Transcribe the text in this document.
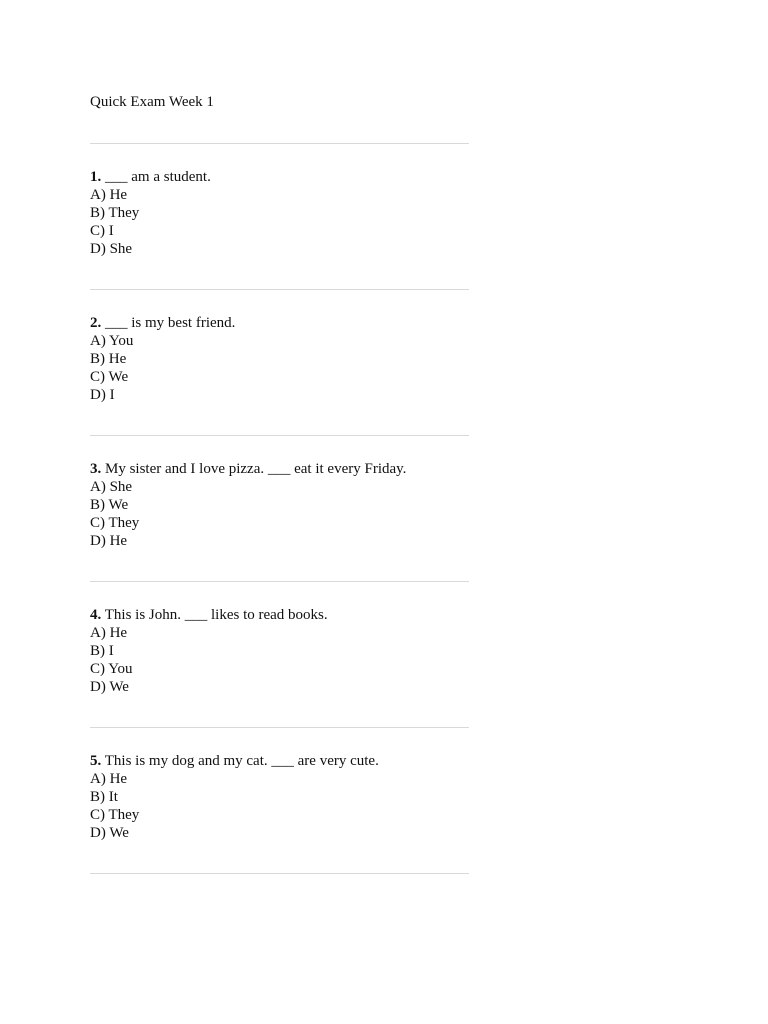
Quick Exam Week 1

1. ___ am a student.

A) He

B) They

C) I

D) She

2. ___ is my best friend.

A) You

B) He

C) We

D) I

3. My sister and I love pizza. ___ eat it every Friday.

A) She

B) We

C) They

D) He

4. This is John. ___ likes to read books.

A) He

B) I

C) You

D) We

5. This is my dog and my cat. ___ are very cute.

A) He

B) It

C) They

D) We
